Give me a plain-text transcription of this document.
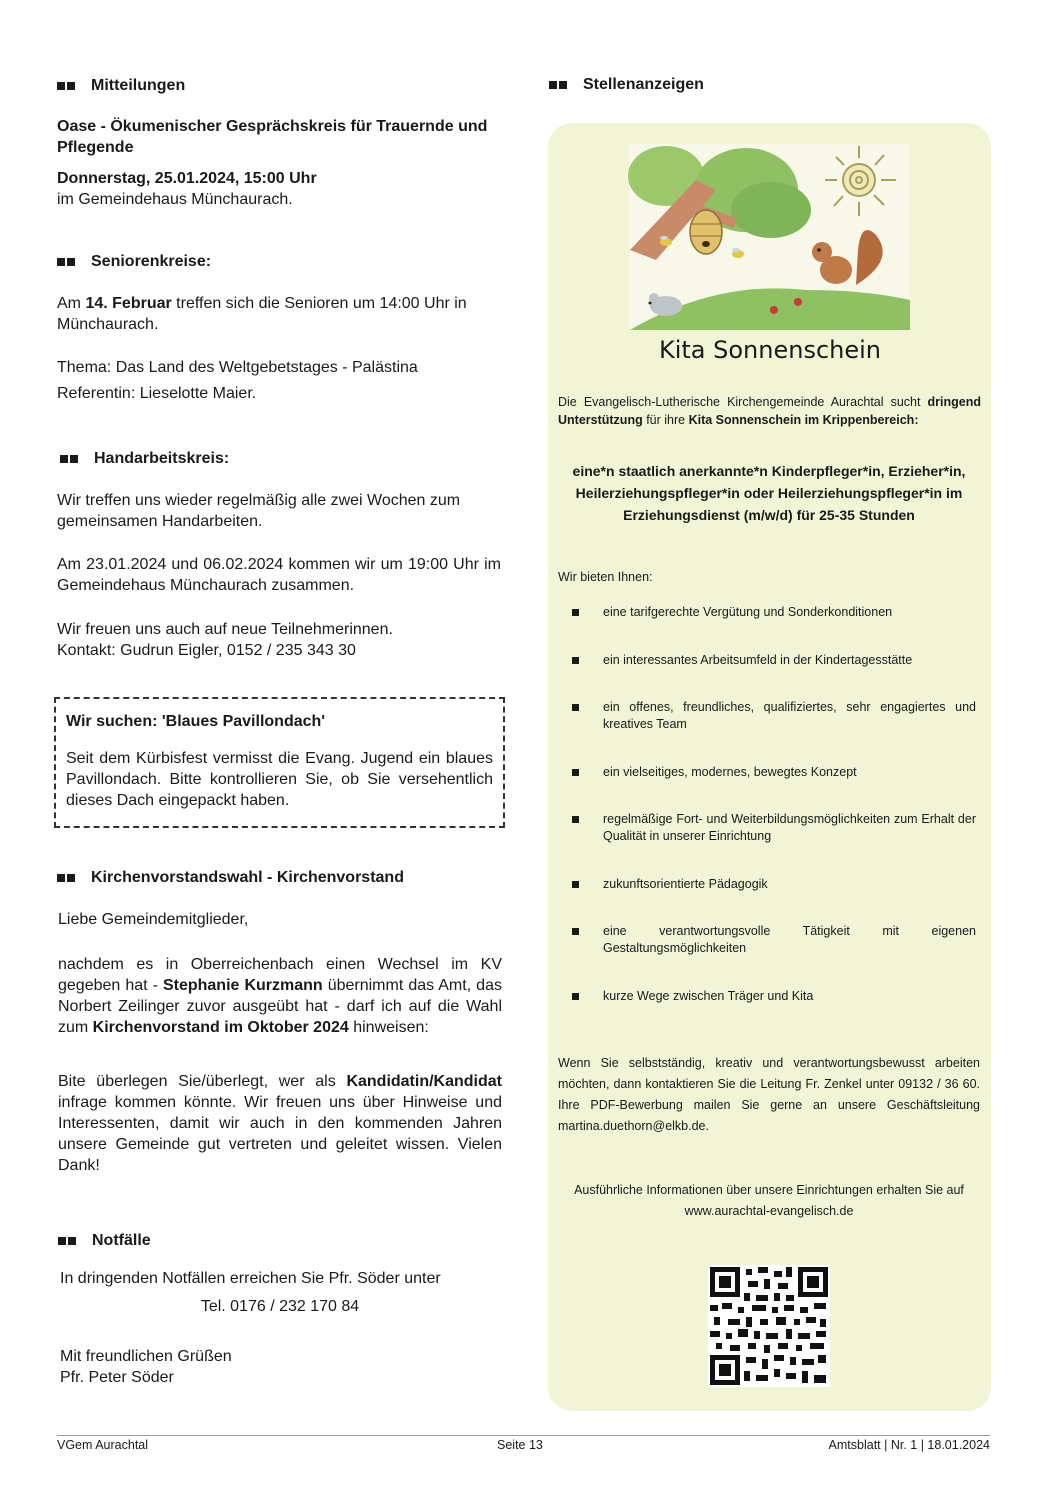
Mitteilungen

Oase - Ökumenischer Gesprächskreis für Trauernde und Pflegende

Donnerstag, 25.01.2024, 15:00 Uhr

im Gemeindehaus Münchaurach.

Seniorenkreise:

Am 14. Februar treffen sich die Senioren um 14:00 Uhr in Münchaurach.

Thema: Das Land des Weltgebetstages - Palästina

Referentin: Lieselotte Maier.

Handarbeitskreis:

Wir treffen uns wieder regelmäßig alle zwei Wochen zum gemeinsamen Handarbeiten.

Am 23.01.2024 und 06.02.2024 kommen wir um 19:00 Uhr im Gemeindehaus Münchaurach zusammen.

Wir freuen uns auch auf neue Teilnehmerinnen.

Kontakt: Gudrun Eigler, 0152 / 235 343 30

Wir suchen: 'Blaues Pavillondach'

Seit dem Kürbisfest vermisst die Evang. Jugend ein blaues Pavillondach. Bitte kontrollieren Sie, ob Sie versehentlich dieses Dach eingepackt haben.

Kirchenvorstandswahl - Kirchenvorstand

Liebe Gemeindemitglieder,

nachdem es in Oberreichenbach einen Wechsel im KV gegeben hat - Stephanie Kurzmann übernimmt das Amt, das Norbert Zeilinger zuvor ausgeübt hat - darf ich auf die Wahl zum Kirchenvorstand im Oktober 2024 hinweisen:

Bite überlegen Sie/überlegt, wer als Kandidatin/Kandidat infrage kommen könnte. Wir freuen uns über Hinweise und Interessenten, damit wir auch in den kommenden Jahren unsere Gemeinde gut vertreten und geleitet wissen. Vielen Dank!

Notfälle

In dringenden Notfällen erreichen Sie Pfr. Söder unter

Tel. 0176 / 232 170 84

Mit freundlichen Grüßen

Pfr. Peter Söder

Stellenanzeigen
Kita Sonnenschein

Die Evangelisch-Lutherische Kirchengemeinde Aurachtal sucht dringend Unterstützung für ihre Kita Sonnenschein im Krippenbereich:

eine*n staatlich anerkannte*n Kinderpfleger*in, Erzieher*in, Heilerziehungspfleger*in oder Heilerziehungspfleger*in im Erziehungsdienst (m/w/d) für 25-35 Stunden

Wir bieten Ihnen:

eine tarifgerechte Vergütung und Sonderkonditionen
ein interessantes Arbeitsumfeld in der Kindertagesstätte
ein offenes, freundliches, qualifiziertes, sehr engagiertes und kreatives Team
ein vielseitiges, modernes, bewegtes Konzept
regelmäßige Fort- und Weiterbildungsmöglichkeiten zum Erhalt der Qualität in unserer Einrichtung
zukunftsorientierte Pädagogik
eine verantwortungsvolle Tätigkeit mit eigenen Gestaltungsmöglichkeiten
kurze Wege zwischen Träger und Kita

Wenn Sie selbstständig, kreativ und verantwortungsbewusst arbeiten möchten, dann kontaktieren Sie die Leitung Fr. Zenkel unter 09132 / 36 60. Ihre PDF-Bewerbung mailen Sie gerne an unsere Geschäftsleitung martina.duethorn@elkb.de.

Ausführliche Informationen über unsere Einrichtungen erhalten Sie auf www.aurachtal-evangelisch.de

VGem Aurachtal	Seite 13	Amtsblatt | Nr. 1 | 18.01.2024
